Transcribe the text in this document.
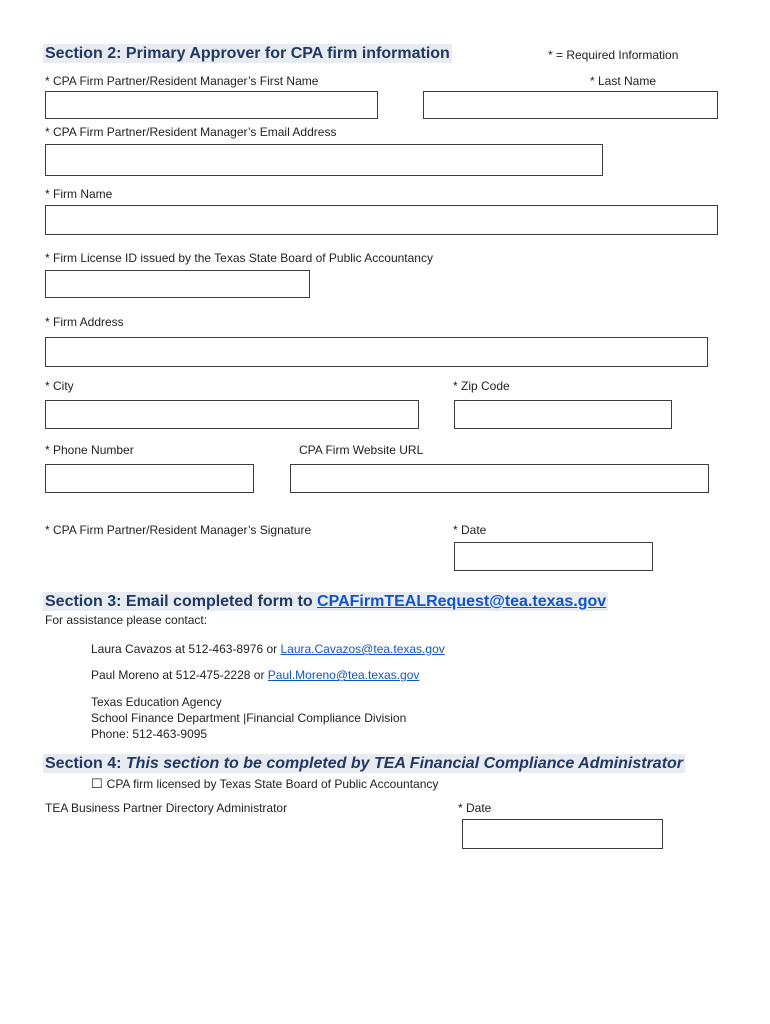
Section 2: Primary Approver for CPA firm information	* = Required Information
* CPA Firm Partner/Resident Manager’s First Name	* Last Name
* CPA Firm Partner/Resident Manager’s Email Address
* Firm Name
* Firm License ID issued by the Texas State Board of Public Accountancy
* Firm Address
* City	* Zip Code
* Phone Number	CPA Firm Website URL
* CPA Firm Partner/Resident Manager’s Signature	* Date
Section 3: Email completed form to CPAFirmTEALRequest@tea.texas.gov
For assistance please contact:
Laura Cavazos at 512-463-8976 or Laura.Cavazos@tea.texas.gov
Paul Moreno at 512-475-2228 or Paul.Moreno@tea.texas.gov
Texas Education Agency
School Finance Department |Financial Compliance Division
Phone: 512-463-9095
Section 4: This section to be completed by TEA Financial Compliance Administrator
☐ CPA firm licensed by Texas State Board of Public Accountancy
TEA Business Partner Directory Administrator	* Date
